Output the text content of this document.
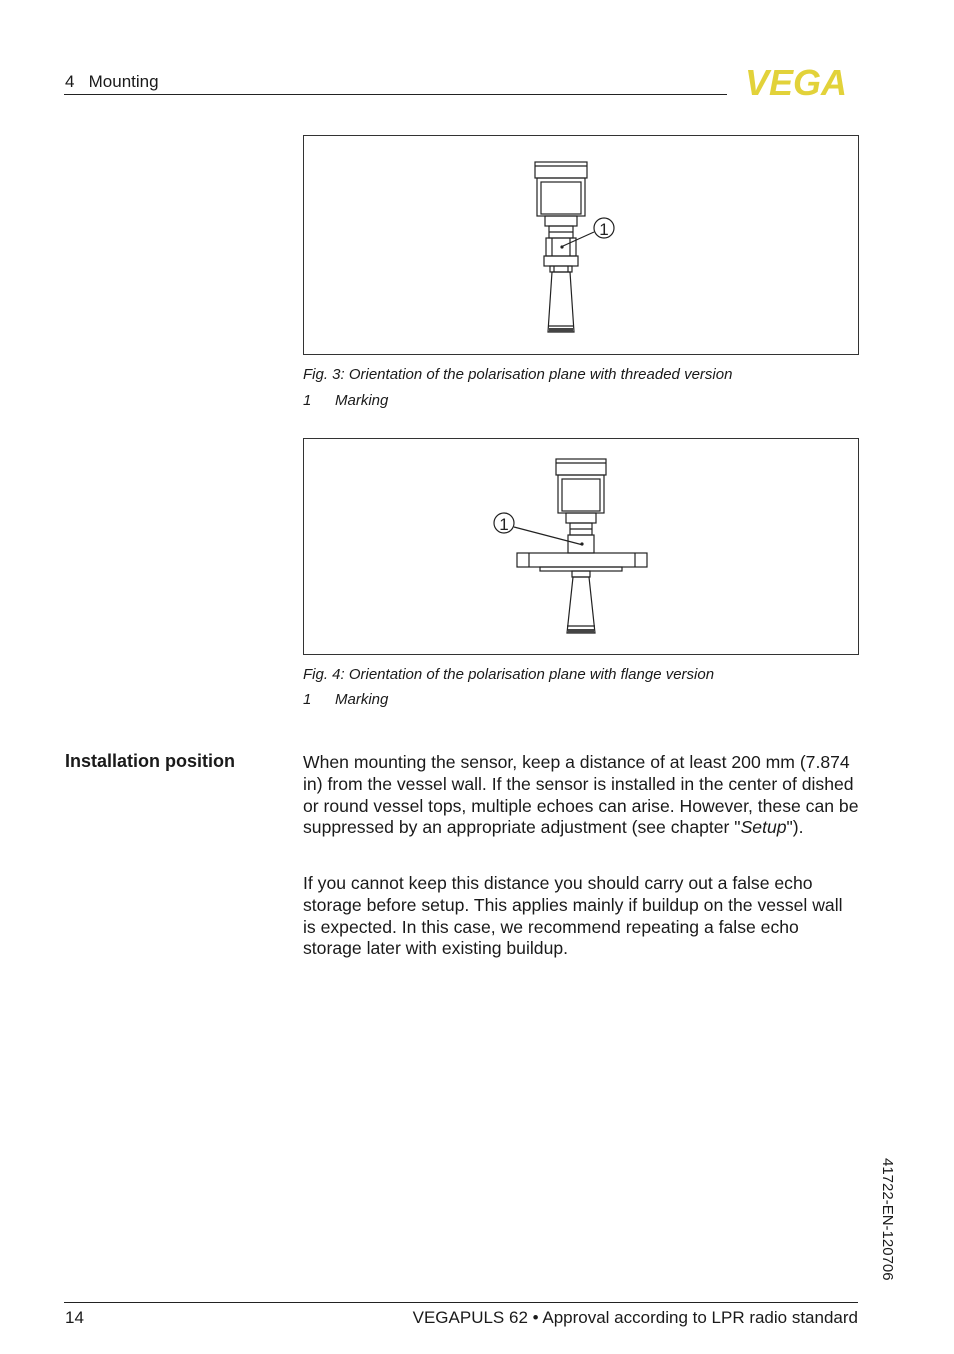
4   Mounting	VEGA
1
Fig. 3: Orientation of the polarisation plane with threaded version
1 Marking
1
Fig. 4: Orientation of the polarisation plane with flange version
1 Marking
Installation position	When mounting the sensor, keep a distance of at least 200 mm (7.874 in) from the vessel wall. If the sensor is installed in the center of dished or round vessel tops, multiple echoes can arise. However, these can be suppressed by an appropriate adjustment (see chapter "Setup").
If you cannot keep this distance you should carry out a false echo storage before setup. This applies mainly if buildup on the vessel wall is expected. In this case, we recommend repeating a false echo storage later with existing buildup.
41722-EN-120706
14	VEGAPULS 62 • Approval according to LPR radio standard
